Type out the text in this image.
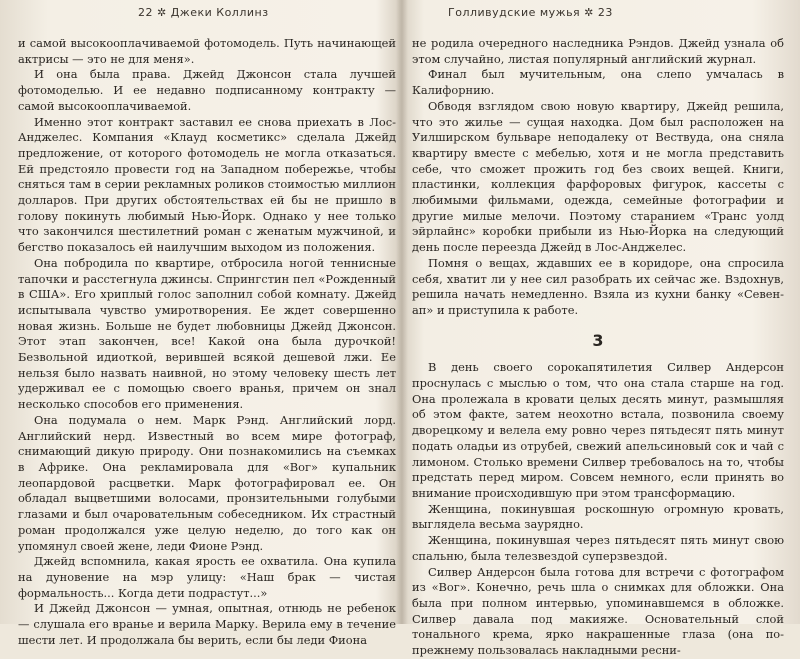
22 ✲ Джеки Коллинз

и самой высокооплачиваемой фотомодель. Путь начинающей актрисы — это не для меня».

И она была права. Джейд Джонсон стала лучшей фотомоделью. И ее недавно подписанному контракту — самой высокооплачиваемой.

Именно этот контракт заставил ее снова приехать в Лос-Анджелес. Компания «Клауд косметикс» сделала Джейд предложение, от которого фотомодель не могла отказаться. Ей предстояло провести год на Западном побережье, чтобы сняться там в серии рекламных роликов стоимостью миллион долларов. При других обстоятельствах ей бы не пришло в голову покинуть любимый Нью-Йорк. Однако у нее только что закончился шестилетний роман с женатым мужчиной, и бегство показалось ей наилучшим выходом из положения.

Она побродила по квартире, отбросила ногой теннисные тапочки и расстегнула джинсы. Спрингстин пел «Рожденный в США». Его хриплый голос заполнил собой комнату. Джейд испытывала чувство умиротворения. Ее ждет совершенно новая жизнь. Больше не будет любовницы Джейд Джонсон. Этот этап закончен, все! Какой она была дурочкой! Безвольной идиоткой, верившей всякой дешевой лжи. Ее нельзя было назвать наивной, но этому человеку шесть лет удерживал ее с помощью своего вранья, причем он знал несколько способов его применения.

Она подумала о нем. Марк Рэнд. Английский лорд. Английский нерд. Известный во всем мире фотограф, снимающий дикую природу. Они познакомились на съемках в Африке. Она рекламировала для «Вог» купальник леопардовой расцветки. Марк фотографировал ее. Он обладал выцветшими волосами, пронзительными голубыми глазами и был очаровательным собеседником. Их страстный роман продолжался уже целую неделю, до того как он упомянул своей жене, леди Фионе Рэнд.

Джейд вспомнила, какая ярость ее охватила. Она купила на дуновение на мэр улицу: «Наш брак — чистая формальность... Когда дети подрастут...»

И Джейд Джонсон — умная, опытная, отнюдь не ребенок — слушала его вранье и верила Марку. Верила ему в течение шести лет. И продолжала бы верить, если бы леди Фиона

Голливудские мужья ✲ 23

не родила очередного наследника Рэндов. Джейд узнала об этом случайно, листая популярный английский журнал.

Финал был мучительным, она слепо умчалась в Калифорнию.

Обводя взглядом свою новую квартиру, Джейд решила, что это жилье — сущая находка. Дом был расположен на Уилширском бульваре неподалеку от Вествуда, она сняла квартиру вместе с мебелью, хотя и не могла представить себе, что сможет прожить год без своих вещей. Книги, пластинки, коллекция фарфоровых фигурок, кассеты с любимыми фильмами, одежда, семейные фотографии и другие милые мелочи. Поэтому старанием «Транс уолд эйрлайнс» коробки прибыли из Нью-Йорка на следующий день после переезда Джейд в Лос-Анджелес.

Помня о вещах, ждавших ее в коридоре, она спросила себя, хватит ли у нее сил разобрать их сейчас же. Вздохнув, решила начать немедленно. Взяла из кухни банку «Севен-ап» и приступила к работе.

3

В день своего сорокапятилетия Силвер Андерсон проснулась с мыслью о том, что она стала старше на год. Она пролежала в кровати целых десять минут, размышляя об этом факте, затем неохотно встала, позвонила своему дворецкому и велела ему ровно через пятьдесят пять минут подать оладьи из отрубей, свежий апельсиновый сок и чай с лимоном. Столько времени Силвер требовалось на то, чтобы предстать перед миром. Совсем немного, если принять во внимание происходившую при этом трансформацию.

Женщина, покинувшая роскошную огромную кровать, выглядела весьма заурядно.

Женщина, покинувшая через пятьдесят пять минут свою спальню, была телезвездой суперзвездой.

Силвер Андерсон была готова для встречи с фотографом из «Вог». Конечно, речь шла о снимках для обложки. Она была при полном интервью, упоминавшемся в обложке. Силвер давала под макияже. Основательный слой тонального крема, ярко накрашенные глаза (она по-прежнему пользовалась накладными ресни-
